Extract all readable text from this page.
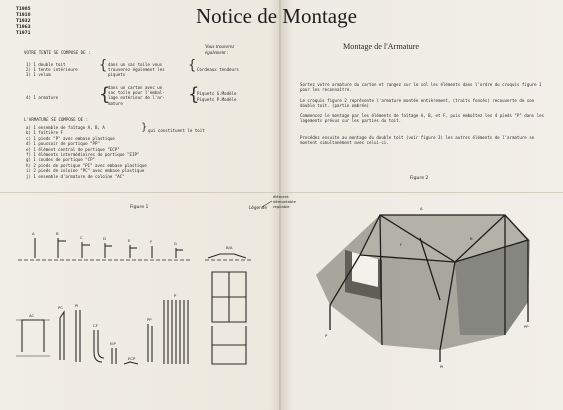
T1905
T1910
T1932
T1963
T1971
Notice de Montage
VOTRE TENTE SE COMPOSE DE :
Vous trouverez
également :
1) 1 double toit
2) 1 tente intérieure
3) 1 velum
{ dans un sac toile vous
trouverez également les
piquets
{ Cordeaux tendeurs
4) 1 armature {
dans un carton avec un
sac toile pour l'embal-
lage extérieur de l'ar-
mature	{
Piquets G.Modèle
Piquets P.Modèle
L'ARMATURE SE COMPOSE DE :
a) 1 ensemble de faîtage A, B, A
b) 1 faîtière F
c) 1 pieds "P" avec embase plastique
d) 1 poussoir de portique "PP"
e) 1 élément central de portique "ECP"
f) 1 éléments intermédiaires de portique "EIP"
g) 1 coudes de portique "CP"
h) 2 pieds de portique "PI" avec embase plastique
i) 2 pieds de coloine "PC" avec embase plastique
j) 1 ensemble d'armature de coloine "AC"
} qui constituent le toit
Montage de l'Armature
Sortez votre armature du carton et rangez sur le sol les éléments dans l'ordre du croquis figure 1 pour les reconnaître.
Le croquis figure 2 représente l'armature montée entièrement, (traits foncés) recouverte de son double toit. (partie ombrée)
Commencez le montage par les éléments de faîtage A, B, et F, puis emboîtez les 4 pieds "P" dans les logements prévus sur les parties du toit.
Procédez ensuite au montage du double toit (voir figure 3) les autres éléments de l'armature se montent simultanément avec celui-ci.
Figure 1
Figure 2
Légende
élément
démontable
repliable
A	B
C	D	E	F	G
B/A
AC
PC	PI
CF
EIP
ECP
PP
P
P
PI
PP
A
B
F
